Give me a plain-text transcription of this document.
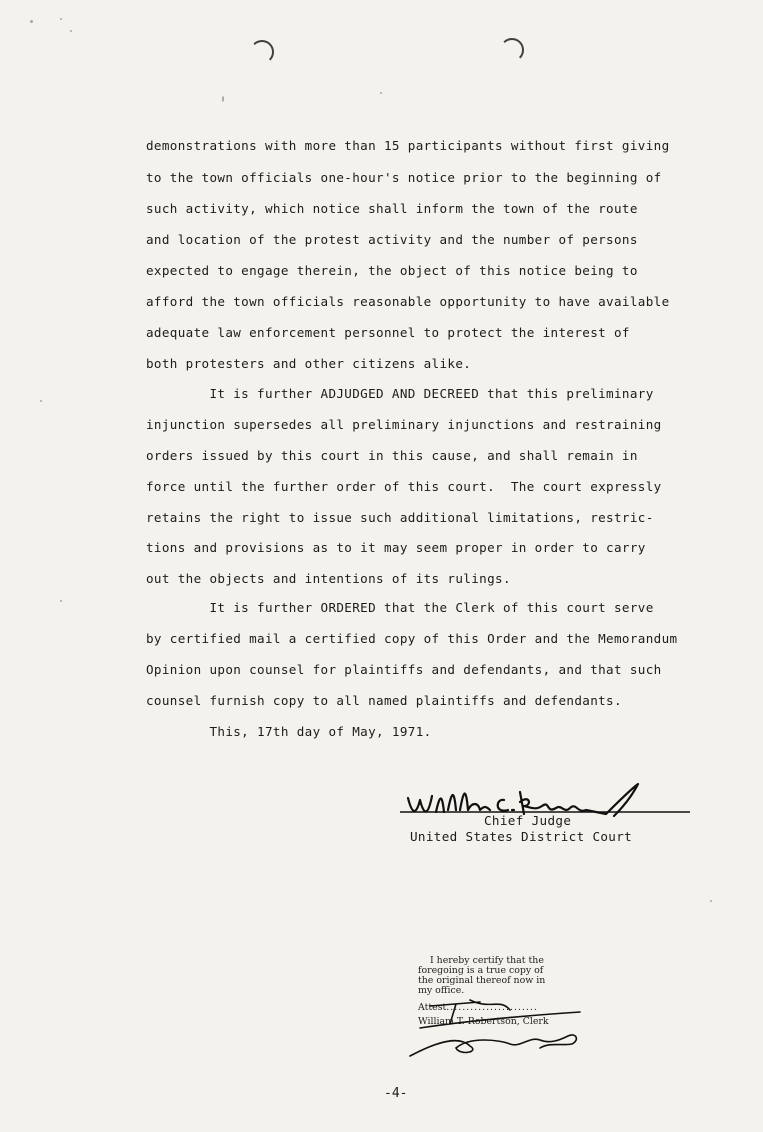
demonstrations with more than 15 participants without first giving
to the town officials one-hour's notice prior to the beginning of
such activity, which notice shall inform the town of the route
and location of the protest activity and the number of persons
expected to engage therein, the object of this notice being to
afford the town officials reasonable opportunity to have available
adequate law enforcement personnel to protect the interest of
both protesters and other citizens alike.
It is further ADJUDGED AND DECREED that this preliminary
injunction supersedes all preliminary injunctions and restraining
orders issued by this court in this cause, and shall remain in
force until the further order of this court.  The court expressly
retains the right to issue such additional limitations, restric-
tions and provisions as to it may seem proper in order to carry
out the objects and intentions of its rulings.
It is further ORDERED that the Clerk of this court serve
by certified mail a certified copy of this Order and the Memorandum
Opinion upon counsel for plaintiffs and defendants, and that such
counsel furnish copy to all named plaintiffs and defendants.
This, 17th day of May, 1971.
Chief Judge
United States District Court
I hereby certify that the
foregoing is a true copy of
the original thereof now in
my office.
Attest.......................
William T. Robertson, Clerk
-4-
